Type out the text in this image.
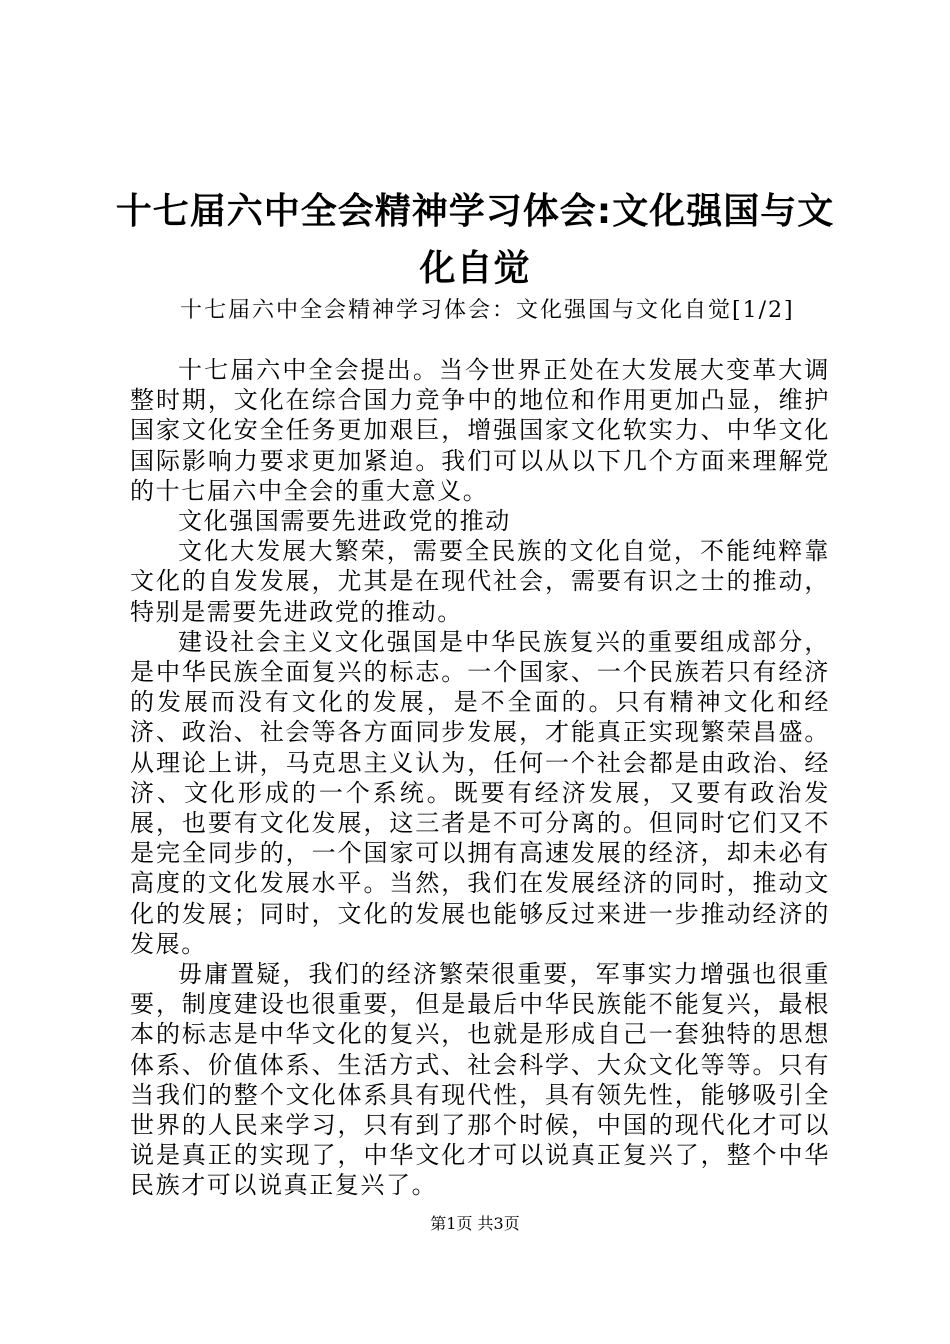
十七届六中全会精神学习体会:文化强国与文化自觉
十七届六中全会精神学习体会：文化强国与文化自觉[1/2]

十七届六中全会提出。当今世界正处在大发展大变革大调整时期，文化在综合国力竞争中的地位和作用更加凸显，维护国家文化安全任务更加艰巨，增强国家文化软实力、中华文化国际影响力要求更加紧迫。我们可以从以下几个方面来理解党的十七届六中全会的重大意义。

文化强国需要先进政党的推动

文化大发展大繁荣，需要全民族的文化自觉，不能纯粹靠文化的自发发展，尤其是在现代社会，需要有识之士的推动，特别是需要先进政党的推动。

建设社会主义文化强国是中华民族复兴的重要组成部分，是中华民族全面复兴的标志。一个国家、一个民族若只有经济的发展而没有文化的发展，是不全面的。只有精神文化和经济、政治、社会等各方面同步发展，才能真正实现繁荣昌盛。从理论上讲，马克思主义认为，任何一个社会都是由政治、经济、文化形成的一个系统。既要有经济发展，又要有政治发展，也要有文化发展，这三者是不可分离的。但同时它们又不是完全同步的，一个国家可以拥有高速发展的经济，却未必有高度的文化发展水平。当然，我们在发展经济的同时，推动文化的发展；同时，文化的发展也能够反过来进一步推动经济的发展。

毋庸置疑，我们的经济繁荣很重要，军事实力增强也很重要，制度建设也很重要，但是最后中华民族能不能复兴，最根本的标志是中华文化的复兴，也就是形成自己一套独特的思想体系、价值体系、生活方式、社会科学、大众文化等等。只有当我们的整个文化体系具有现代性，具有领先性，能够吸引全世界的人民来学习，只有到了那个时候，中国的现代化才可以说是真正的实现了，中华文化才可以说真正复兴了，整个中华民族才可以说真正复兴了。

第1页 共3页
